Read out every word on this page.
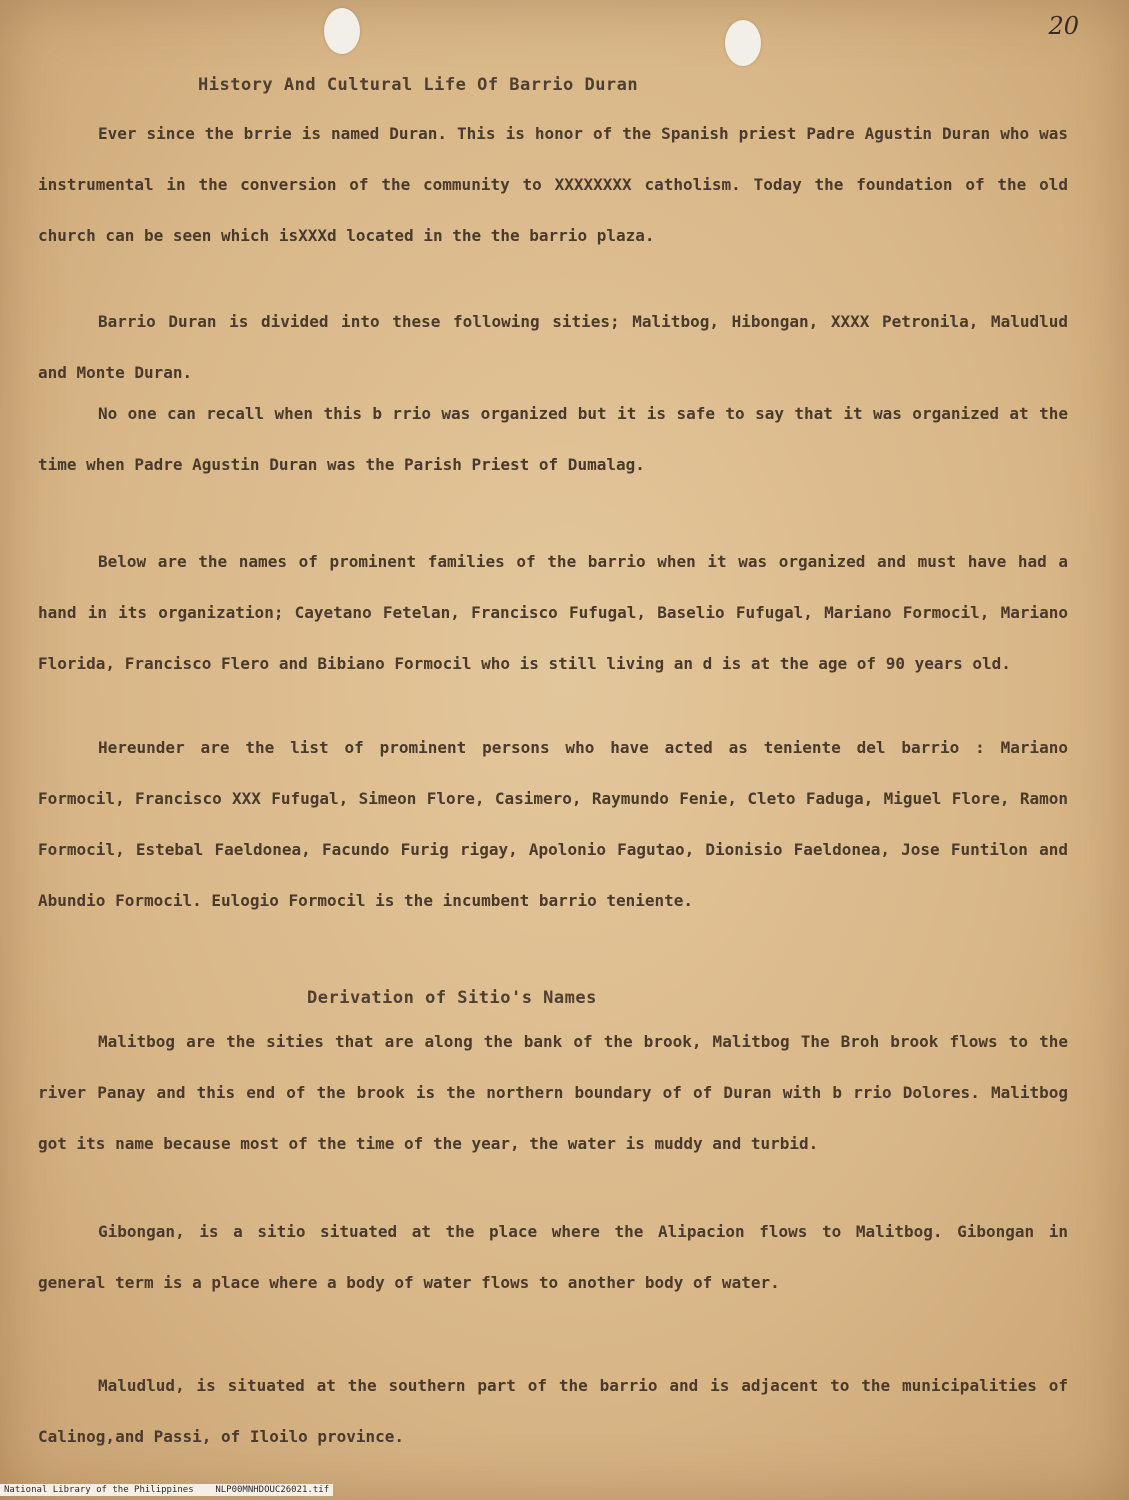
20
History And Cultural Life Of Barrio Duran

Ever since the brrie is named Duran. This is honor of the Spanish priest Padre Agustin Duran who was instrumental in the conversion of the community to XXXXXXXX catholism. Today the foundation of the old church can be seen which isXXXd located in the the barrio plaza.

Barrio Duran is divided into these following sities; Malitbog, Hibongan, XXXX Petronila, Maludlud and Monte Duran.

No one can recall when this b rrio was organized but it is safe to say that it was organized at the time when Padre Agustin Duran was the Parish Priest of Dumalag.

Below are the names of prominent families of the barrio when it was organized and must have had a hand in its organization; Cayetano Fetelan, Francisco Fufugal, Baselio Fufugal, Mariano Formocil, Mariano Florida, Francisco Flero and Bibiano Formocil who is still living an d is at the age of 90 years old.

Hereunder are the list of prominent persons who have acted as teniente del barrio : Mariano Formocil, Francisco XXX Fufugal, Simeon Flore, Casimero, Raymundo Fenie, Cleto Faduga, Miguel Flore, Ramon Formocil, Estebal Faeldonea, Facundo Furig rigay, Apolonio Fagutao, Dionisio Faeldonea, Jose Funtilon and Abundio Formocil. Eulogio Formocil is the incumbent barrio teniente.

Derivation of Sitio's Names

Malitbog are the sities that are along the bank of the brook, Malitbog The Broh brook flows to the river Panay and this end of the brook is the northern boundary of of Duran with b rrio Dolores. Malitbog got its name because most of the time of the year, the water is muddy and turbid.

Gibongan, is a sitio situated at the place where the Alipacion flows to Malitbog. Gibongan in general term is a place where a body of water flows to another body of water.

Maludlud, is situated at the southern part of the barrio and is adjacent to the municipalities of Calinog,and Passi, of Iloilo province.

National Library of the Philippines    NLP00MNHDOUC26021.tif
